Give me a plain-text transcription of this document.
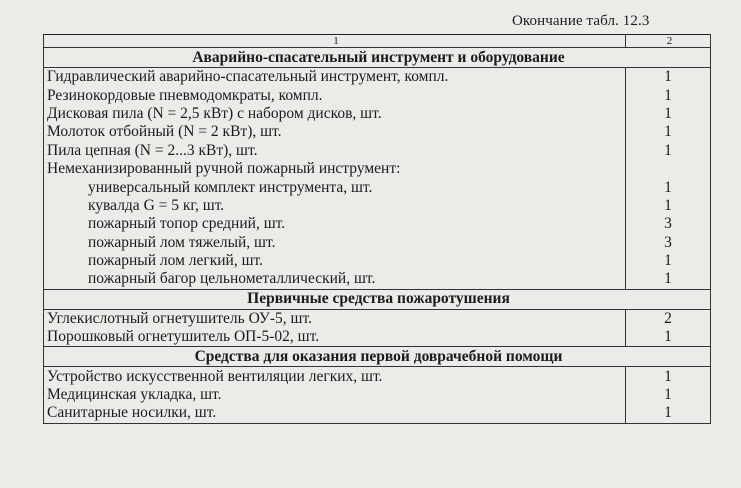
Окончание табл. 12.3
1	2
Аварийно-спасательный инструмент и оборудование	
Гидравлический аварийно-спасательный инструмент, компл.	1
Резинокордовые пневмодомкраты, компл.	1
Дисковая пила (N = 2,5 кВт) с набором дисков, шт.	1
Молоток отбойный (N = 2 кВт), шт.	1
Пила цепная (N = 2...3 кВт), шт.	1
Немеханизированный ручной пожарный инструмент:	
универсальный комплект инструмента, шт.	1
кувалда G = 5 кг, шт.	1
пожарный топор средний, шт.	3
пожарный лом тяжелый, шт.	3
пожарный лом легкий, шт.	1
пожарный багор цельнометаллический, шт.	1
Первичные средства пожаротушения	
Углекислотный огнетушитель ОУ-5, шт.	2
Порошковый огнетушитель ОП-5-02, шт.	1
Средства для оказания первой доврачебной помощи	
Устройство искусственной вентиляции легких, шт.	1
Медицинская укладка, шт.	1
Санитарные носилки, шт.	1
